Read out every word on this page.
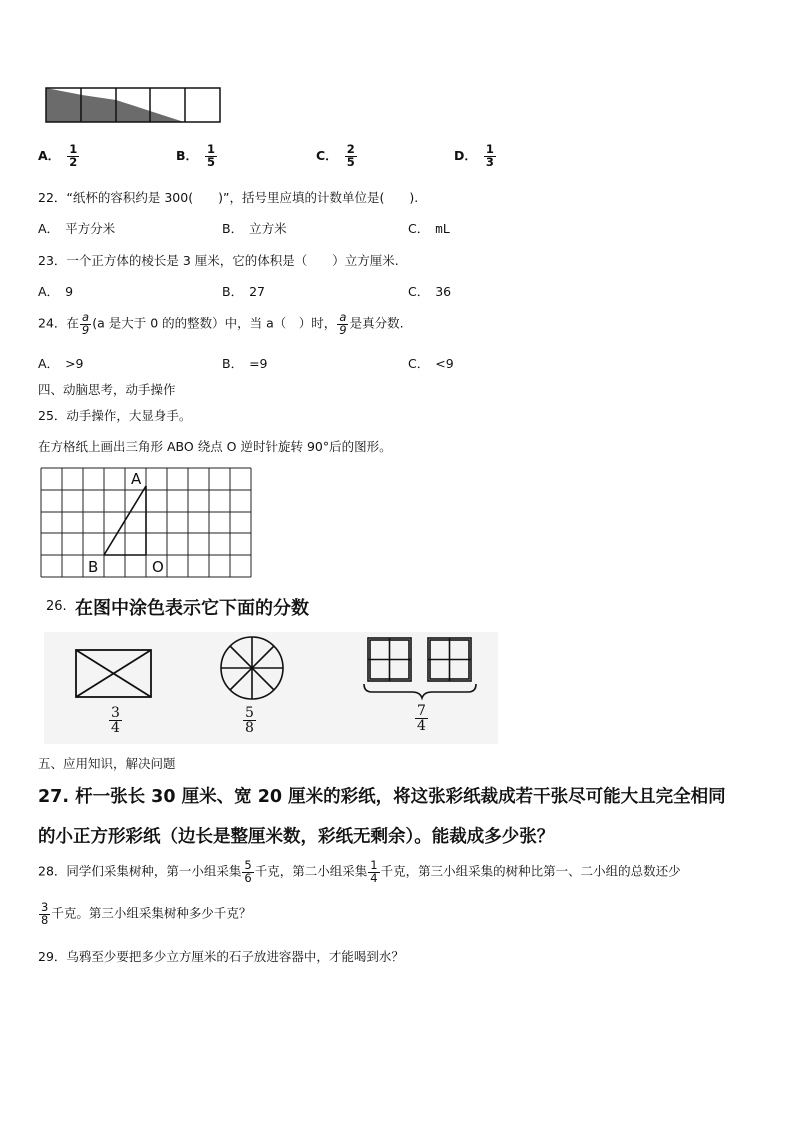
A． $\frac{1}{2}$	B． $\frac{1}{5}$	C． $\frac{2}{5}$	D． $\frac{1}{3}$
22．“纸杯的容积约是 300(　　)”，括号里应填的计数单位是(　　).
A． 平方分米	B． 立方米	C． mL
23．一个正方体的棱长是 3 厘米，它的体积是（　　）立方厘米.
A． 9	B． 27	C． 36
24．在 $\frac{a}{9} (a$ 是大于 0 的的整数）中，当 a（　）时， $\frac{a}{9}$ 是真分数.
A． >9	B． =9	C． <9
四、动脑思考，动手操作
25．动手操作，大显身手。
在方格纸上画出三角形 ABO 绕点 O 逆时针旋转 90°后的图形。
A
B	O
26. 在图中涂色表示它下面的分数
$\frac{3}{4}$	$\frac{5}{8}$	$\frac{7}{4}$
五、应用知识，解决问题
27. 杆一张长 30 厘米、宽 20 厘米的彩纸，将这张彩纸裁成若干张尽可能大且完全相同
的小正方形彩纸（边长是整厘米数，彩纸无剩余）。能裁成多少张？
28．同学们采集树种，第一小组采集 $\frac{5}{6}$ 千克，第二小组采集 $\frac{1}{4}$ 千克，第三小组采集的树种比第一、二小组的总数还少
$\frac{3}{8}$ 千克。第三小组采集树种多少千克？
29．乌鸦至少要把多少立方厘米的石子放进容器中，才能喝到水？
